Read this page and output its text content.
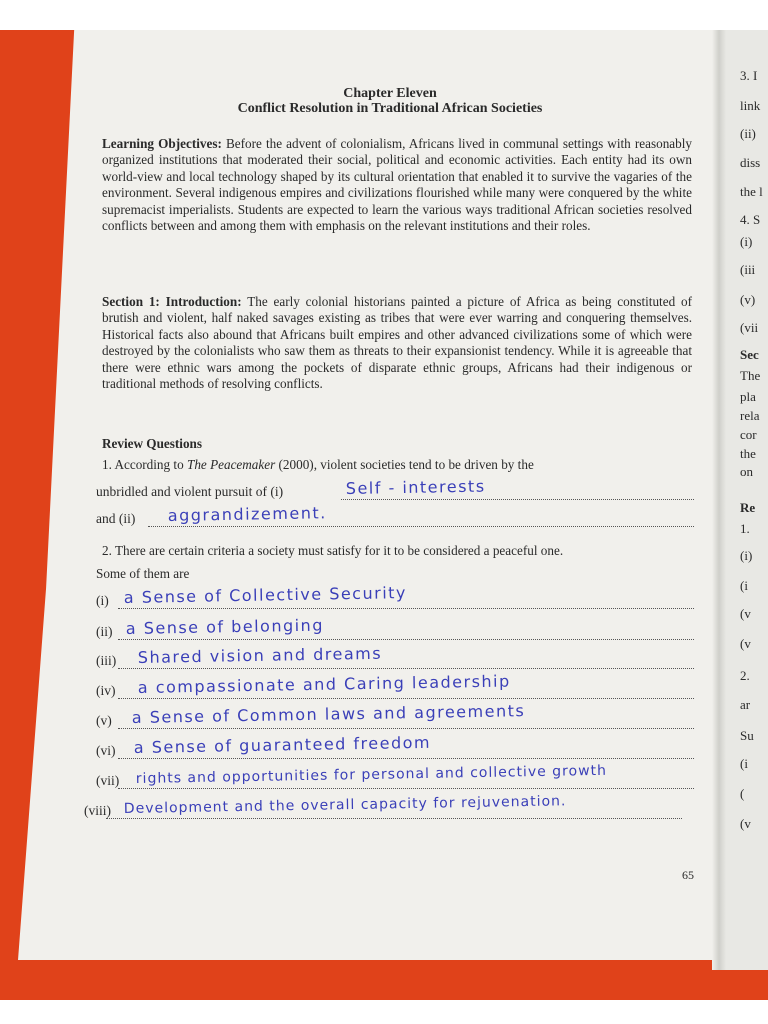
Chapter Eleven
Conflict Resolution in Traditional African Societies
Learning Objectives: Before the advent of colonialism, Africans lived in communal settings with reasonably organized institutions that moderated their social, political and economic activities. Each entity had its own world-view and local technology shaped by its cultural orientation that enabled it to survive the vagaries of the environment. Several indigenous empires and civilizations flourished while many were conquered by the white supremacist imperialists. Students are expected to learn the various ways traditional African societies resolved conflicts between and among them with emphasis on the relevant institutions and their roles.
Section 1: Introduction: The early colonial historians painted a picture of Africa as being constituted of brutish and violent, half naked savages existing as tribes that were ever warring and conquering themselves. Historical facts also abound that Africans built empires and other advanced civilizations some of which were destroyed by the colonialists who saw them as threats to their expansionist tendency. While it is agreeable that there were ethnic wars among the pockets of disparate ethnic groups, Africans had their indigenous or traditional methods of resolving conflicts.
Review Questions
1. According to The Peacemaker (2000), violent societies tend to be driven by the
unbridled and violent pursuit of (i)	Self - interests
and (ii) aggrandizement.
2. There are certain criteria a society must satisfy for it to be considered a peaceful one.
Some of them are
(i) a Sense of Collective Security
(ii) a Sense of belonging
(iii) Shared vision and dreams
(iv) a compassionate and Caring leadership
(v) a Sense of Common laws and agreements
(vi) a Sense of guaranteed freedom
(vii) rights and opportunities for personal and collective growth
(viii) Development and the overall capacity for rejuvenation.
65
3. I
link
(ii)
diss
the l
4. S
(i)
(iii
(v)
(vii
Sec
The
pla
rela
cor
the
on
Re
1.
(i)
(i
(v
(v
2.
ar
Su
(i
(
(v
